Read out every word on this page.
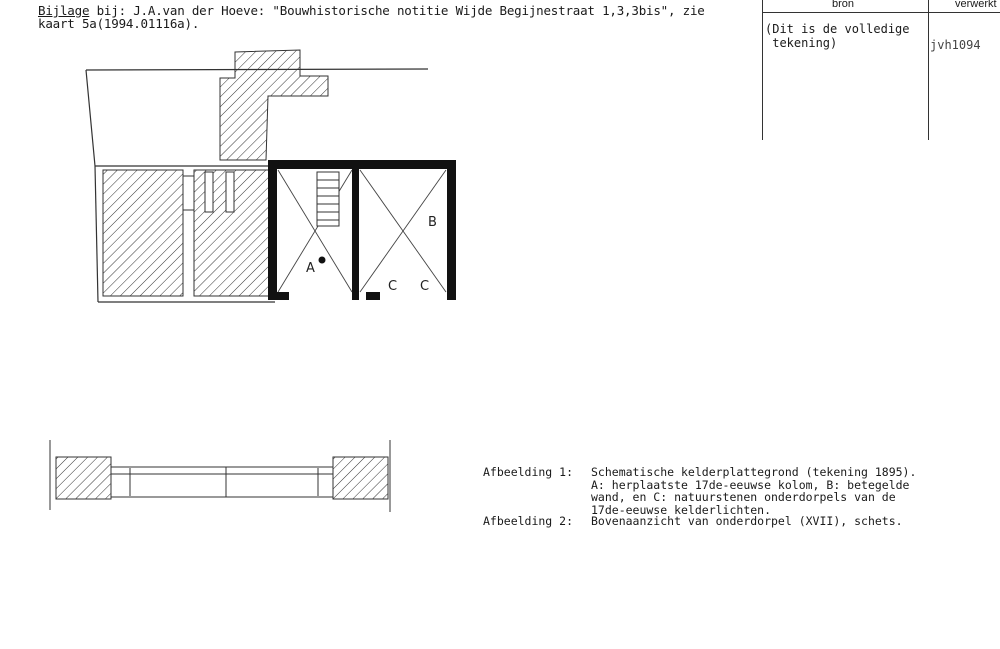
Bijlage bij: J.A.van der Hoeve: "Bouwhistorische notitie Wijde Begijnestraat 1,3,3bis", zie
kaart 5a(1994.01116a).
bron	verwerkt
(Dit is de volledige
tekening)	jvh1094
A
B
C C
Afbeelding 1:	Schematische kelderplattegrond (tekening 1895).
A: herplaatste 17de-eeuwse kolom, B: betegelde
wand, en C: natuurstenen onderdorpels van de
17de-eeuwse kelderlichten.
Afbeelding 2:	Bovenaanzicht van onderdorpel (XVII), schets.
